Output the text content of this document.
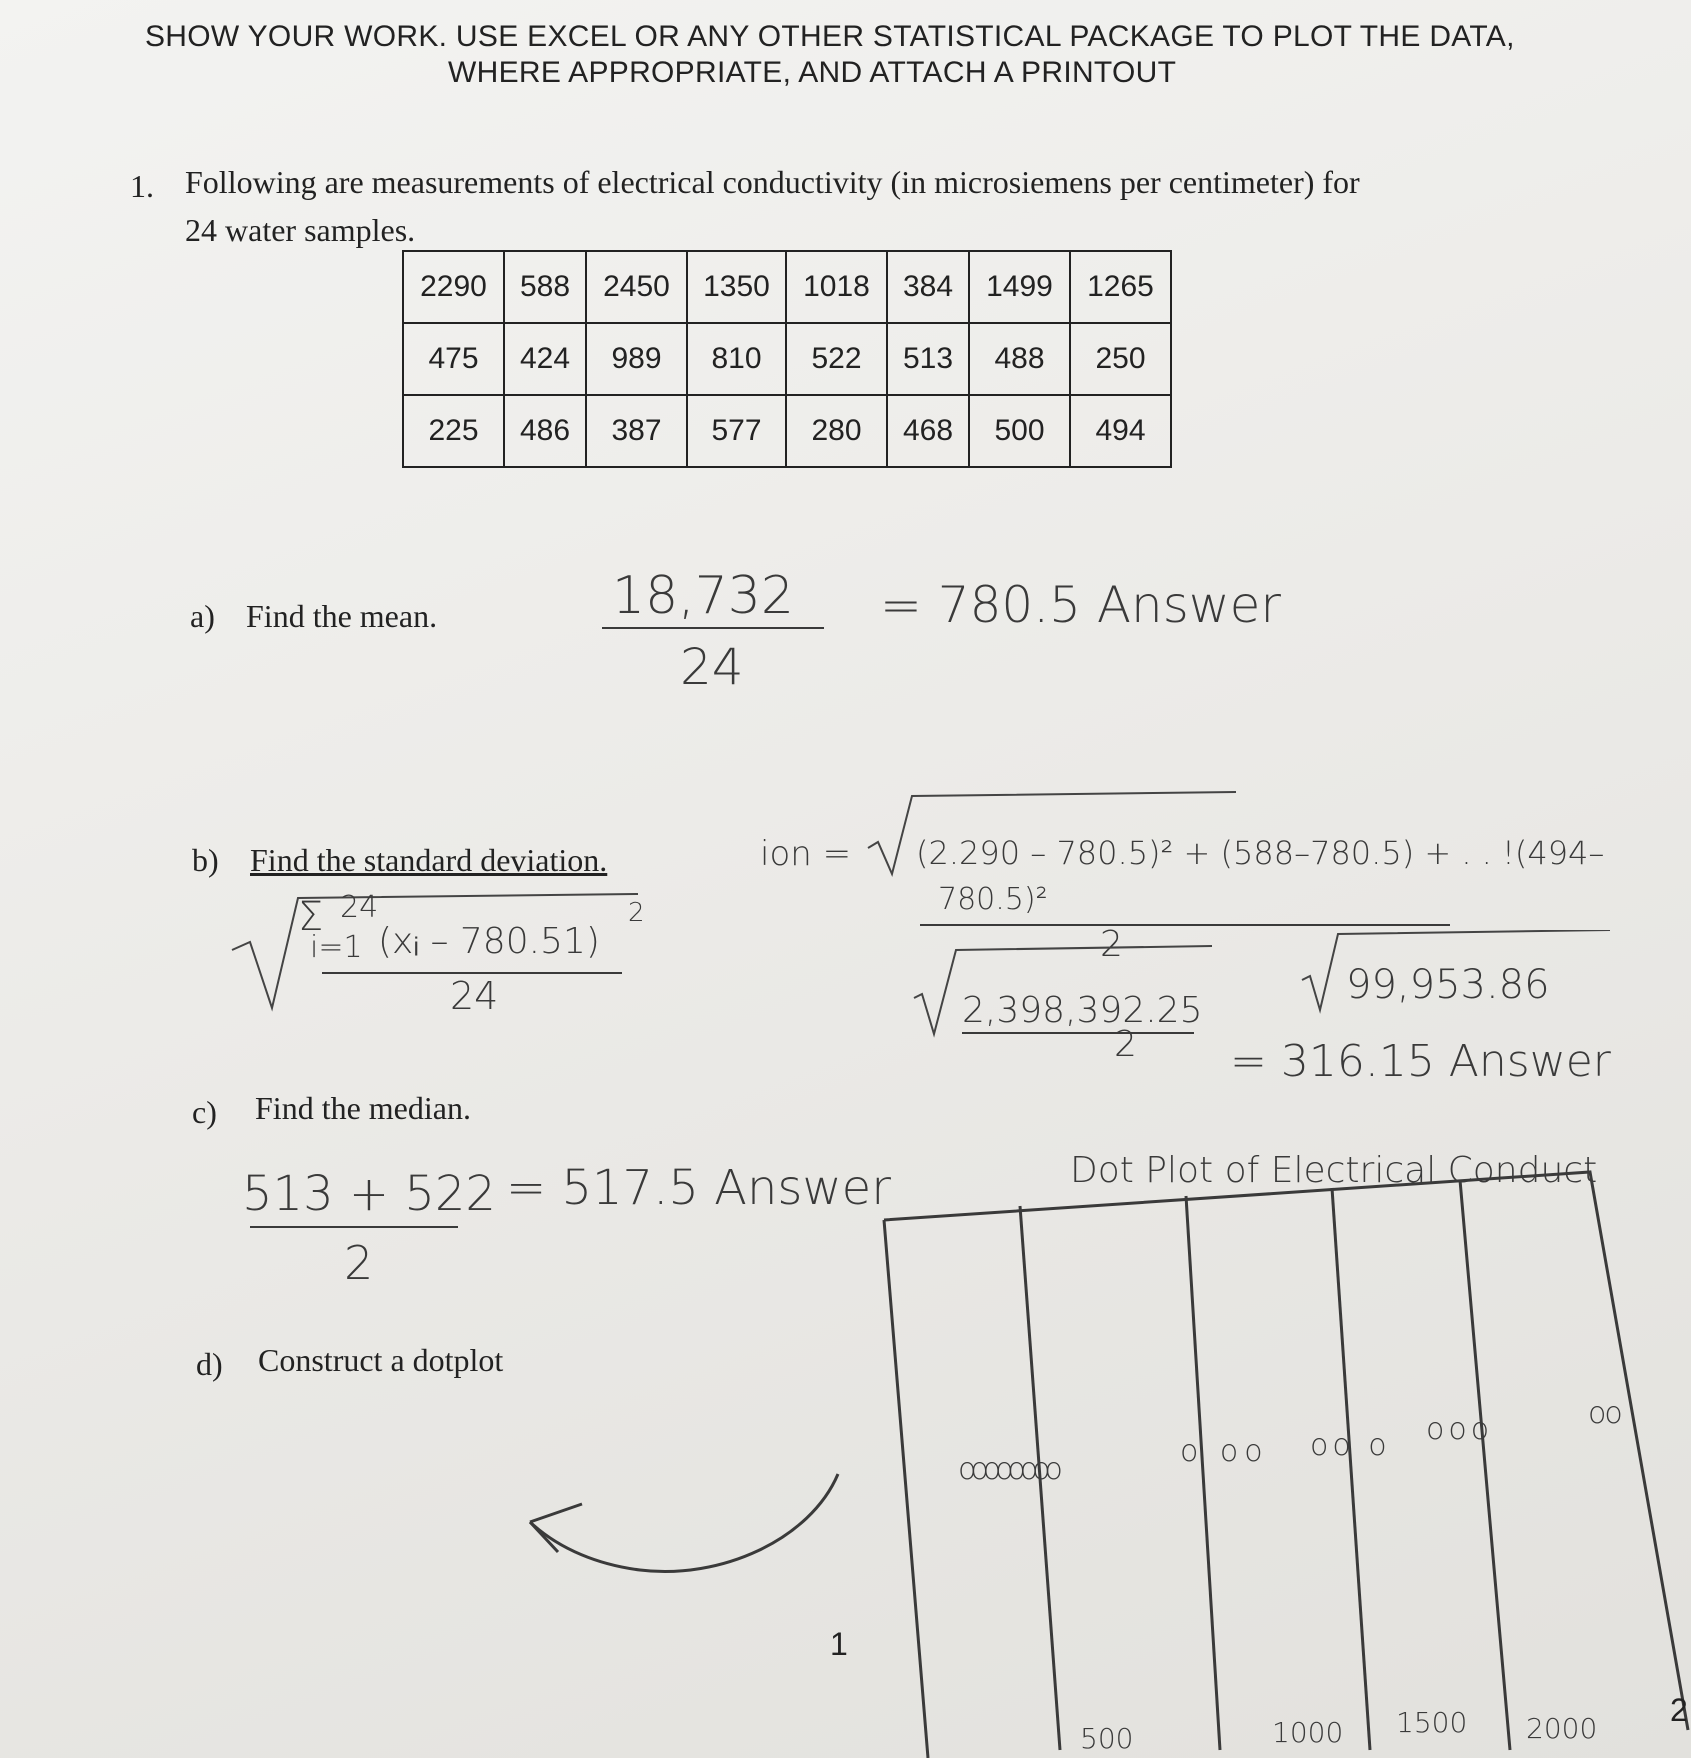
SHOW YOUR WORK. USE EXCEL OR ANY OTHER STATISTICAL PACKAGE TO PLOT THE DATA,
WHERE APPROPRIATE, AND ATTACH A PRINTOUT
1. Following are measurements of electrical conductivity (in microsiemens per centimeter) for
24 water samples.
2290	588	2450	1350	1018	384	1499	1265
475	424	989	810	522	513	488	250
225	486	387	577	280	468	500	494
a) Find the mean.	18,732
24
= 780.5 Answer
b) Find the standard deviation.
Σ 24
i=1 (xᵢ – 780.51)
2
24
ion = (2.290 – 780.5)² + (588–780.5) + . . !(494–
780.5)²
2
2,398,392.25
2
99,953.86
= 316.15 Answer
c) Find the median.
513 + 522
2
= 517.5 Answer
d) Construct a dotplot
Dot Plot of Electrical Conduct
oooooooo
o oo oo o ooo	oo
500	1000 1500 2000
1
2
